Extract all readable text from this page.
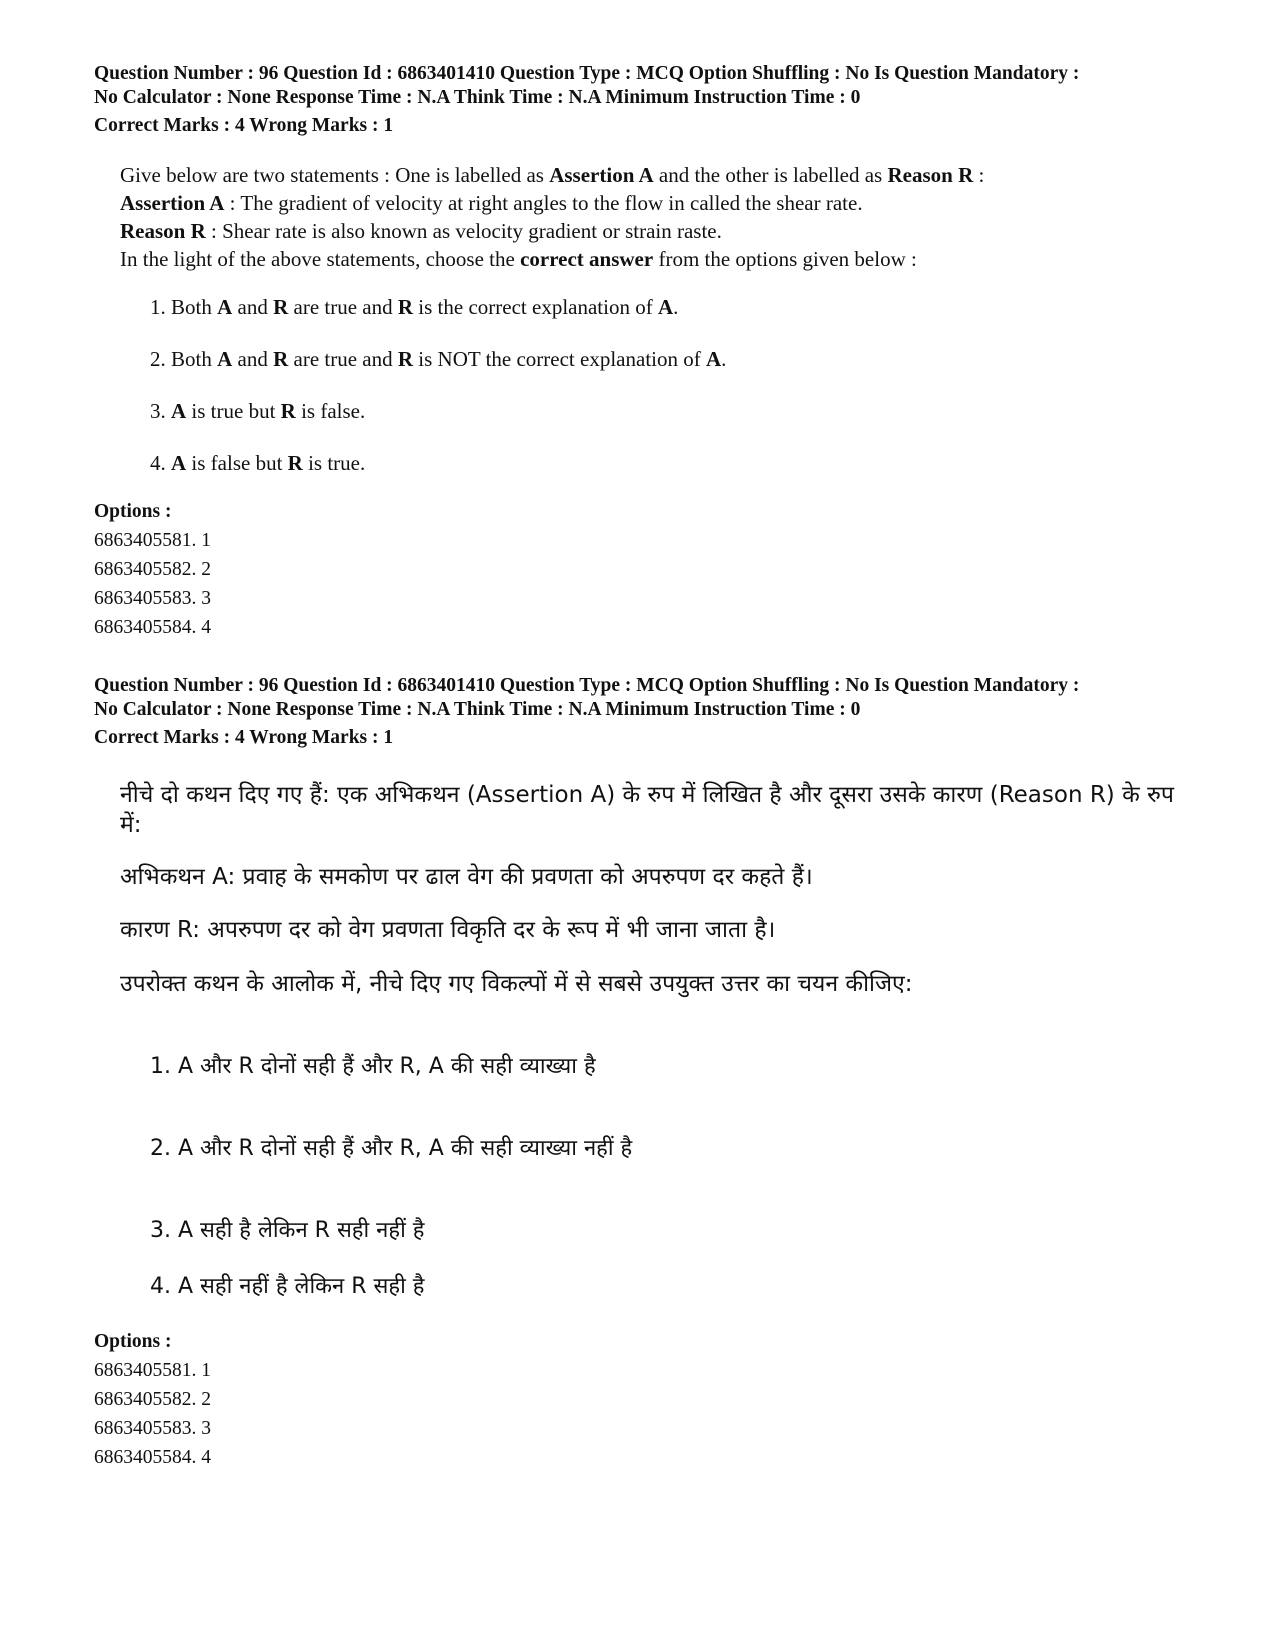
Question Number : 96 Question Id : 6863401410 Question Type : MCQ Option Shuffling : No Is Question Mandatory :
No Calculator : None Response Time : N.A Think Time : N.A Minimum Instruction Time : 0
Correct Marks : 4 Wrong Marks : 1
Give below are two statements : One is labelled as Assertion A and the other is labelled as Reason R :
Assertion A : The gradient of velocity at right angles to the flow in called the shear rate.
Reason R : Shear rate is also known as velocity gradient or strain raste.
In the light of the above statements, choose the correct answer from the options given below :
1. Both A and R are true and R is the correct explanation of A.
2. Both A and R are true and R is NOT the correct explanation of A.
3. A is true but R is false.
4. A is false but R is true.
Options :
6863405581. 1
6863405582. 2
6863405583. 3
6863405584. 4
Question Number : 96 Question Id : 6863401410 Question Type : MCQ Option Shuffling : No Is Question Mandatory :
No Calculator : None Response Time : N.A Think Time : N.A Minimum Instruction Time : 0
Correct Marks : 4 Wrong Marks : 1
नीचे दो कथन दिए गए हैं: एक अभिकथन (Assertion A) के रुप में लिखित है और दूसरा उसके कारण (Reason R) के रुप में:
अभिकथन A: प्रवाह के समकोण पर ढाल वेग की प्रवणता को अपरुपण दर कहते हैं।
कारण R: अपरुपण दर को वेग प्रवणता विकृति दर के रूप में भी जाना जाता है।
उपरोक्त कथन के आलोक में, नीचे दिए गए विकल्पों में से सबसे उपयुक्त उत्तर का चयन कीजिए:
1. A और R दोनों सही हैं और R, A की सही व्याख्या है
2. A और R दोनों सही हैं और R, A की सही व्याख्या नहीं है
3. A सही है लेकिन R सही नहीं है
4. A सही नहीं है लेकिन R सही है
Options :
6863405581. 1
6863405582. 2
6863405583. 3
6863405584. 4
